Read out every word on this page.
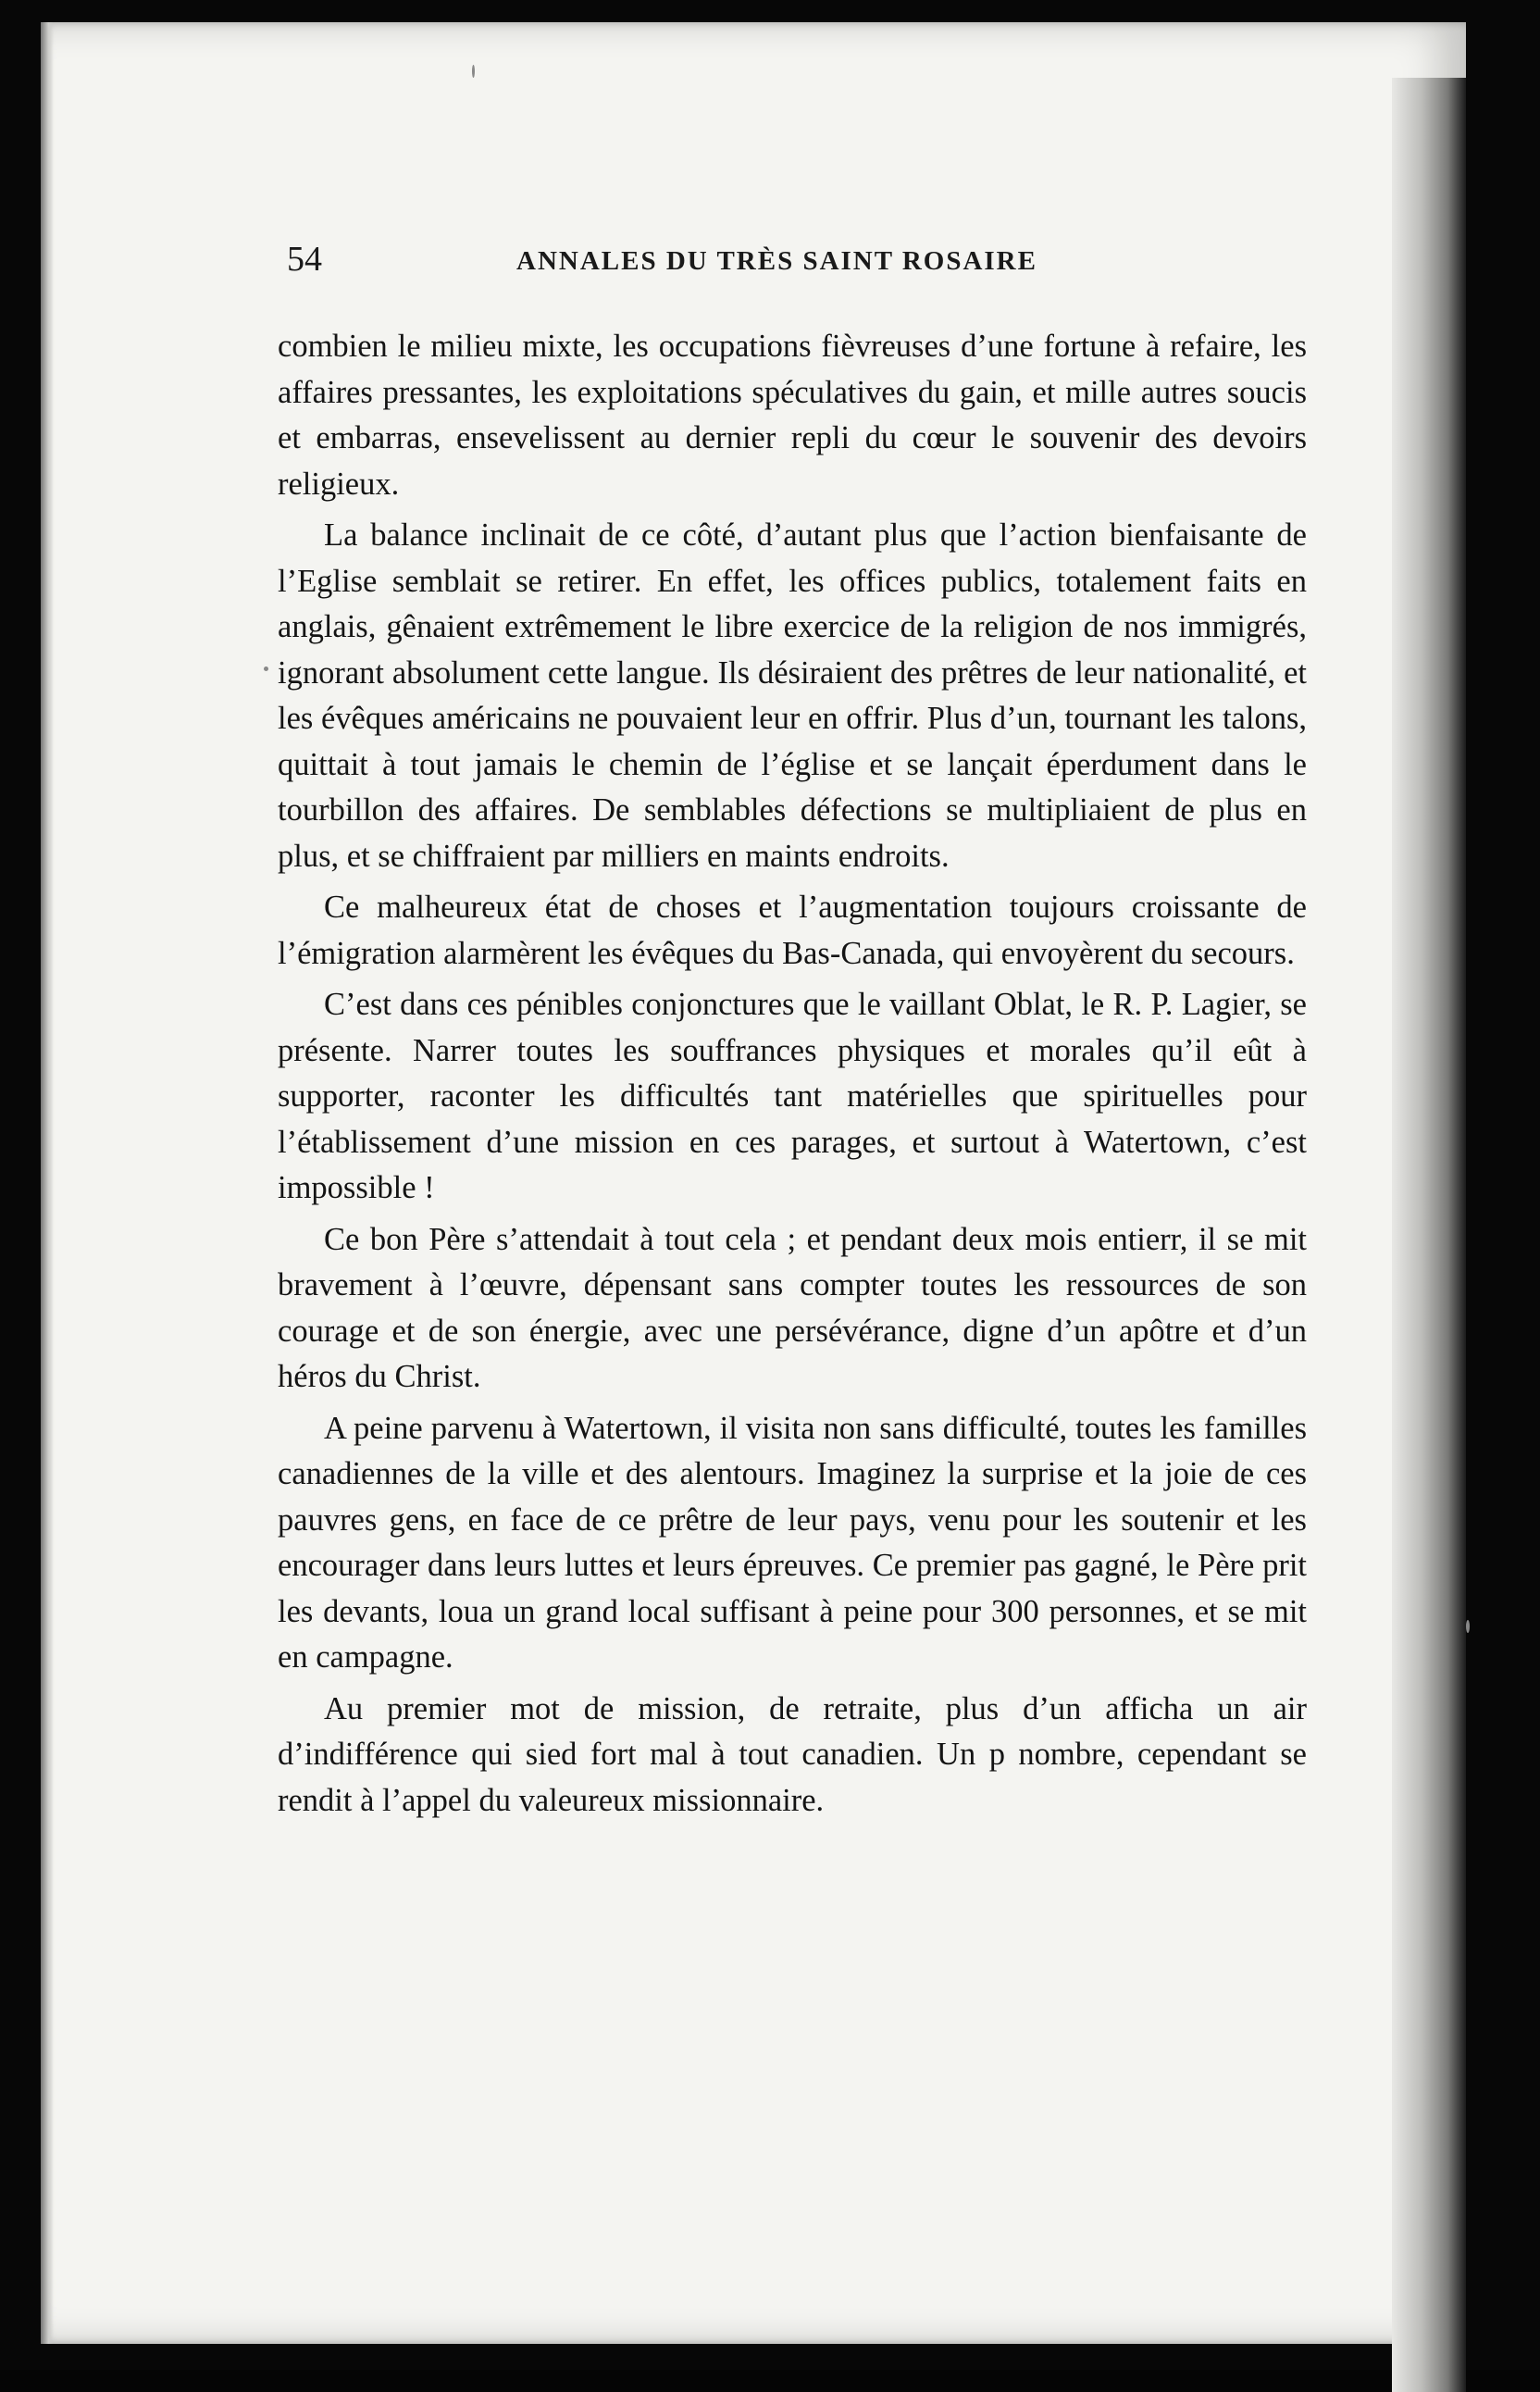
54	ANNALES DU TRÈS SAINT ROSAIRE

combien le milieu mixte, les occupations fièvreuses d’une fortune à refaire, les affaires pressantes, les exploitations spéculatives du gain, et mille autres soucis et embarras, ensevelissent au dernier repli du cœur le souvenir des devoirs religieux.

La balance inclinait de ce côté, d’autant plus que l’action bienfaisante de l’Eglise semblait se retirer. En effet, les offices publics, totalement faits en anglais, gênaient extrêmement le libre exercice de la religion de nos immigrés, ignorant absolument cette langue. Ils désiraient des prêtres de leur nationalité, et les évêques américains ne pouvaient leur en offrir. Plus d’un, tournant les talons, quittait à tout jamais le chemin de l’église et se lançait éperdument dans le tourbillon des affaires. De semblables défections se multipliaient de plus en plus, et se chiffraient par milliers en maints endroits.

Ce malheureux état de choses et l’augmentation toujours croissante de l’émigration alarmèrent les évêques du Bas-Canada, qui envoyèrent du secours.

C’est dans ces pénibles conjonctures que le vaillant Oblat, le R. P. Lagier, se présente. Narrer toutes les souffrances physiques et morales qu’il eût à supporter, raconter les difficultés tant matérielles que spirituelles pour l’établissement d’une mission en ces parages, et surtout à Watertown, c’est impossible !

Ce bon Père s’attendait à tout cela ; et pendant deux mois entierr, il se mit bravement à l’œuvre, dépensant sans compter toutes les ressources de son courage et de son énergie, avec une persévérance, digne d’un apôtre et d’un héros du Christ.

A peine parvenu à Watertown, il visita non sans difficulté, toutes les familles canadiennes de la ville et des alentours. Imaginez la surprise et la joie de ces pauvres gens, en face de ce prêtre de leur pays, venu pour les soutenir et les encourager dans leurs luttes et leurs épreuves. Ce premier pas gagné, le Père prit les devants, loua un grand local suffisant à peine pour 300 personnes, et se mit en campagne.

Au premier mot de mission, de retraite, plus d’un afficha un air d’indifférence qui sied fort mal à tout canadien. Un p nombre, cependant se rendit à l’appel du valeureux missionnaire.
